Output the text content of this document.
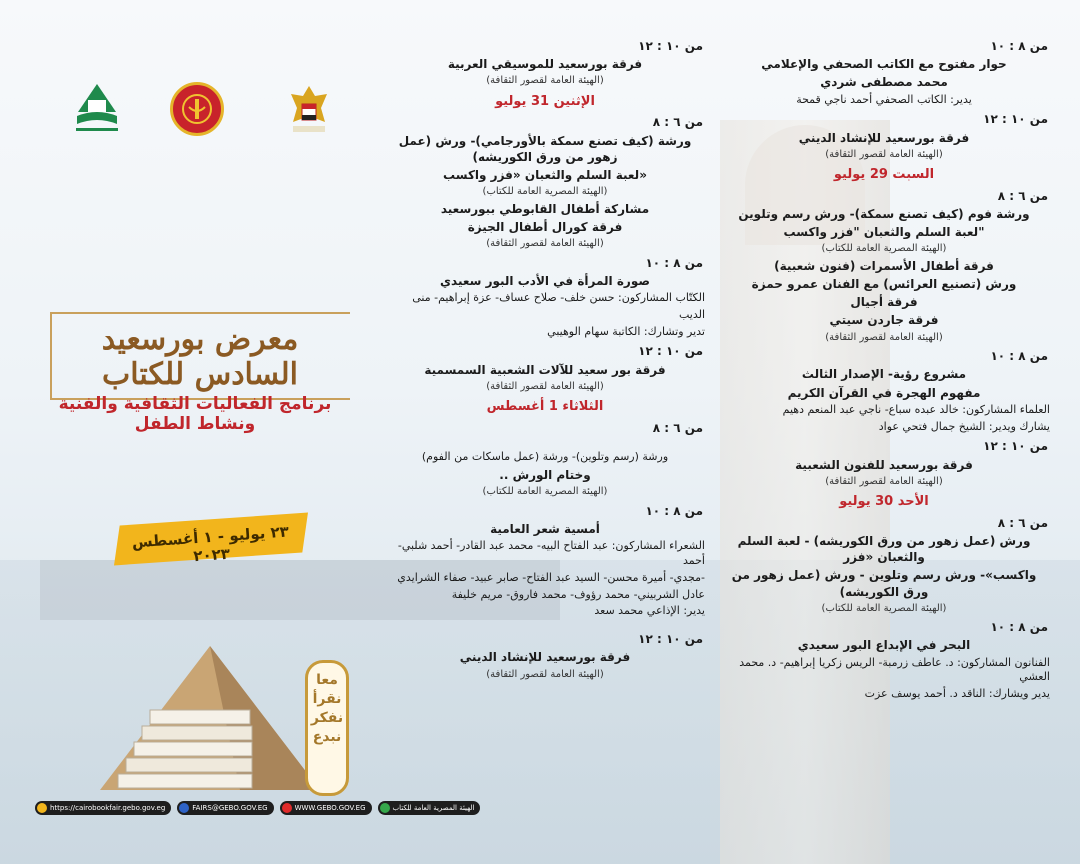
معرض بورسعيد السادس للكتاب
برنامج الفعاليات الثقافية والفنية ونشاط الطفل
٢٣ يوليو - ١ أغسطس ٢٠٢٣
معا نقرأ نفكر نبدع
https://cairobookfair.gebo.gov.eg	FAIRS@GEBO.GOV.EG	WWW.GEBO.GOV.EG	الهيئة المصرية العامة للكتاب
من ٨ : ١٠
حوار مفتوح مع الكاتب الصحفي والإعلامي
محمد مصطفى شردي
يدير: الكاتب الصحفي أحمد ناجي قمحة
من ١٠ : ١٢
فرقة بورسعيد للإنشاد الديني
(الهيئة العامة لقصور الثقافة)
السبت 29 يوليو
من ٦ : ٨
ورشة فوم (كيف تصنع سمكة)- ورش رسم وتلوين
لعبة السلم والثعبان "فزر واكسب"
(الهيئة المصرية العامة للكتاب)
(فنون شعبية) فرقة أطفال الأسمرات
ورش (تصنيع العرائس) مع الفنان عمرو حمزة
فرقة أجيال
فرقة جاردن سيتي
(الهيئة العامة لقصور الثقافة)
من ٨ : ١٠
مشروع رؤية- الإصدار الثالث
مفهوم الهجرة في القرآن الكريم
العلماء المشاركون: خالد عبده سباع- ناجي عبد المنعم دهيم
يشارك ويدير: الشيخ جمال فتحي عواد
من ١٠ : ١٢
فرقة بورسعيد للفنون الشعبية
(الهيئة العامة لقصور الثقافة)
الأحد 30 يوليو
من ٦ : ٨
ورش (عمل زهور من ورق الكوريشه) - لعبة السلم والثعبان «فزر
واكسب»- ورش رسم وتلوين - ورش (عمل زهور من ورق الكوريشه)
(الهيئة المصرية العامة للكتاب)
من ٨ : ١٠
البحر في الإبداع البور سعيدي
الفنانون المشاركون: د. عاطف زرمبة- الريس زكريا إبراهيم- د. محمد العشي
يدير ويشارك: الناقد د. أحمد يوسف عزت
من ١٠ : ١٢
فرقة بورسعيد للموسيقي العربية
(الهيئة العامة لقصور الثقافة)
الإثنين 31 يوليو
من ٦ : ٨
ورشة (كيف تصنع سمكة بالأورجامي)- ورش (عمل زهور من ورق الكوريشه)
لعبة السلم والثعبان «فزر واكسب»
(الهيئة المصرية العامة للكتاب)
مشاركة أطفال القابوطي ببورسعيد
فرقة كورال أطفال الجيزة
(الهيئة العامة لقصور الثقافة)
من ٨ : ١٠
صورة المرأة في الأدب البور سعيدي
الكتّاب المشاركون: حسن خلف- صلاح عساف- عزة إبراهيم- منى
الديب
تدير وتشارك: الكاتبة سهام الوهيبي
من ١٠ : ١٢
فرقة بور سعيد للآلات الشعبية السمسمية
(الهيئة العامة لقصور الثقافة)
الثلاثاء 1 أغسطس
من ٦ : ٨
ورشة (رسم وتلوين)- ورشة (عمل ماسكات من الفوم)
.. وختام الورش
(الهيئة المصرية العامة للكتاب)
من ٨ : ١٠
أمسية شعر العامية
الشعراء المشاركون: عبد الفتاح البيه- محمد عبد القادر- أحمد شلبي- أحمد
مجدي- أميرة محسن- السيد عبد الفتاح- صابر عبيد- صفاء الشرايدي-
عادل الشربيني- محمد رؤوف- محمد فاروق- مريم خليفة
يدير: الإذاعي محمد سعد
من ١٠ : ١٢
فرقة بورسعيد للإنشاد الديني
(الهيئة العامة لقصور الثقافة)
